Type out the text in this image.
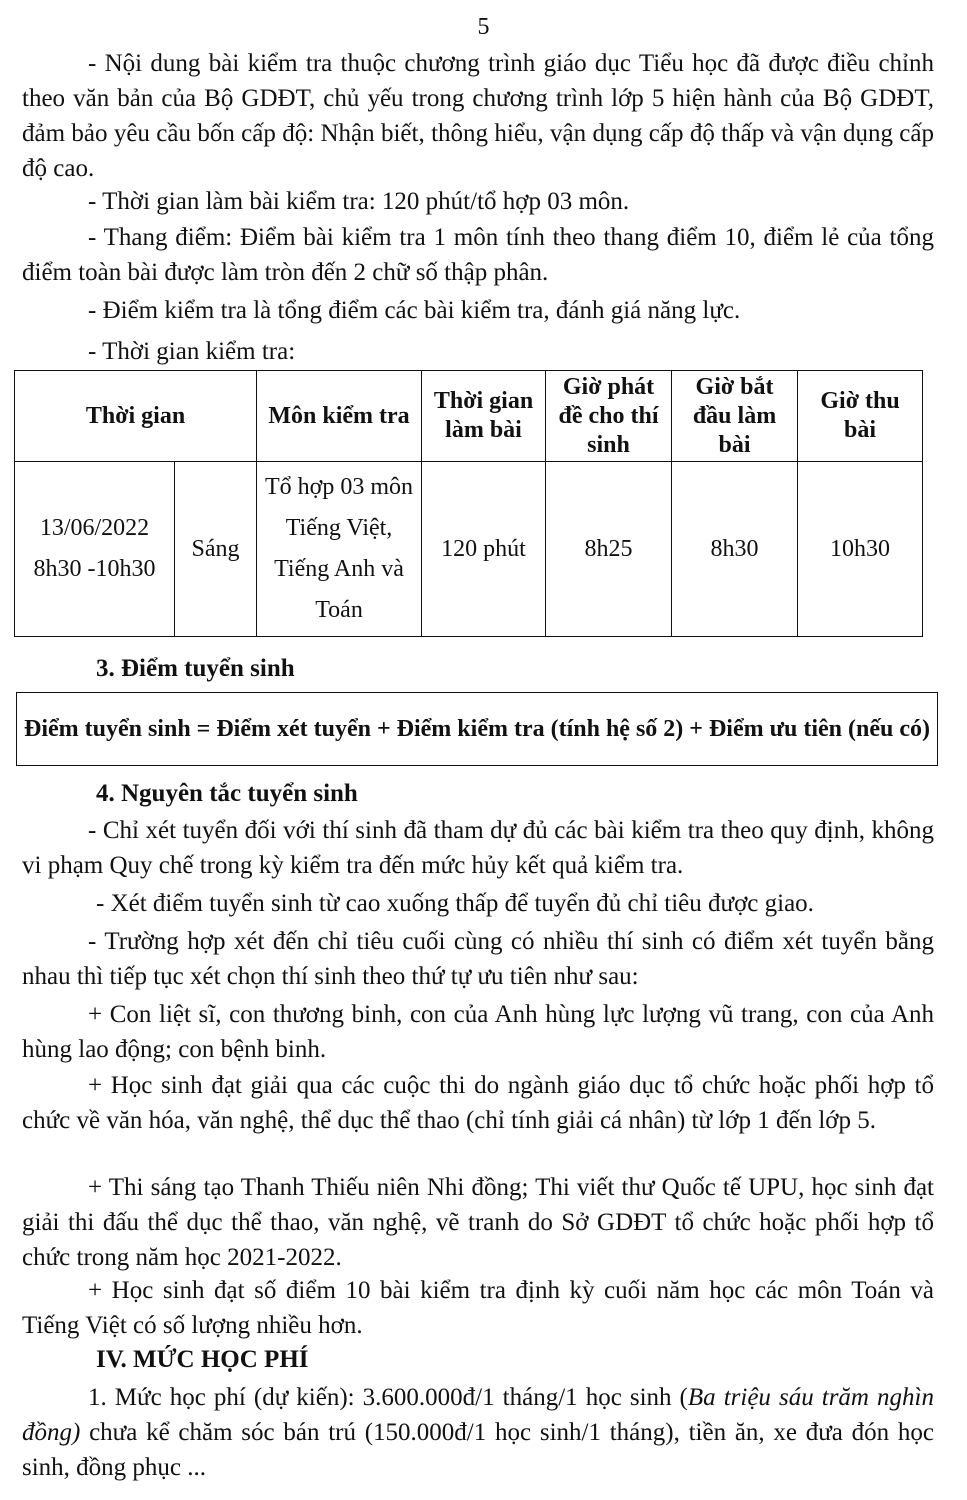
5
- Nội dung bài kiểm tra thuộc chương trình giáo dục Tiểu học đã được điều chỉnh theo văn bản của Bộ GDĐT, chủ yếu trong chương trình lớp 5 hiện hành của Bộ GDĐT, đảm bảo yêu cầu bốn cấp độ: Nhận biết, thông hiểu, vận dụng cấp độ thấp và vận dụng cấp độ cao.
- Thời gian làm bài kiểm tra: 120 phút/tổ hợp 03 môn.
- Thang điểm: Điểm bài kiểm tra 1 môn tính theo thang điểm 10, điểm lẻ của tổng điểm toàn bài được làm tròn đến 2 chữ số thập phân.
- Điểm kiểm tra là tổng điểm các bài kiểm tra, đánh giá năng lực.
- Thời gian kiểm tra:
Thời gian		Môn kiểm tra	Thời gian làm bài	Giờ phát đề cho thí sinh	Giờ bắt đầu làm bài	Giờ thu bài

13/06/2022
8h30 -10h30	Sáng	Tổ hợp 03 môn Tiếng Việt, Tiếng Anh và Toán	120 phút	8h25	8h30	10h30
3. Điểm tuyển sinh
Điểm tuyển sinh = Điểm xét tuyển + Điểm kiểm tra (tính hệ số 2) + Điểm ưu tiên (nếu có)
4. Nguyên tắc tuyển sinh
- Chỉ xét tuyển đối với thí sinh đã tham dự đủ các bài kiểm tra theo quy định, không vi phạm Quy chế trong kỳ kiểm tra đến mức hủy kết quả kiểm tra.
- Xét điểm tuyển sinh từ cao xuống thấp để tuyển đủ chỉ tiêu được giao.
- Trường hợp xét đến chỉ tiêu cuối cùng có nhiều thí sinh có điểm xét tuyển bằng nhau thì tiếp tục xét chọn thí sinh theo thứ tự ưu tiên như sau:
+ Con liệt sĩ, con thương binh, con của Anh hùng lực lượng vũ trang, con của Anh hùng lao động; con bệnh binh.
+ Học sinh đạt giải qua các cuộc thi do ngành giáo dục tổ chức hoặc phối hợp tổ chức về văn hóa, văn nghệ, thể dục thể thao (chỉ tính giải cá nhân) từ lớp 1 đến lớp 5.
+ Thi sáng tạo Thanh Thiếu niên Nhi đồng; Thi viết thư Quốc tế UPU, học sinh đạt giải thi đấu thể dục thể thao, văn nghệ, vẽ tranh do Sở GDĐT tổ chức hoặc phối hợp tổ chức trong năm học 2021-2022.
+ Học sinh đạt số điểm 10 bài kiểm tra định kỳ cuối năm học các môn Toán và Tiếng Việt có số lượng nhiều hơn.
IV. MỨC HỌC PHÍ
1. Mức học phí (dự kiến): 3.600.000đ/1 tháng/1 học sinh (Ba triệu sáu trăm nghìn đồng) chưa kể chăm sóc bán trú (150.000đ/1 học sinh/1 tháng), tiền ăn, xe đưa đón học sinh, đồng phục ...
